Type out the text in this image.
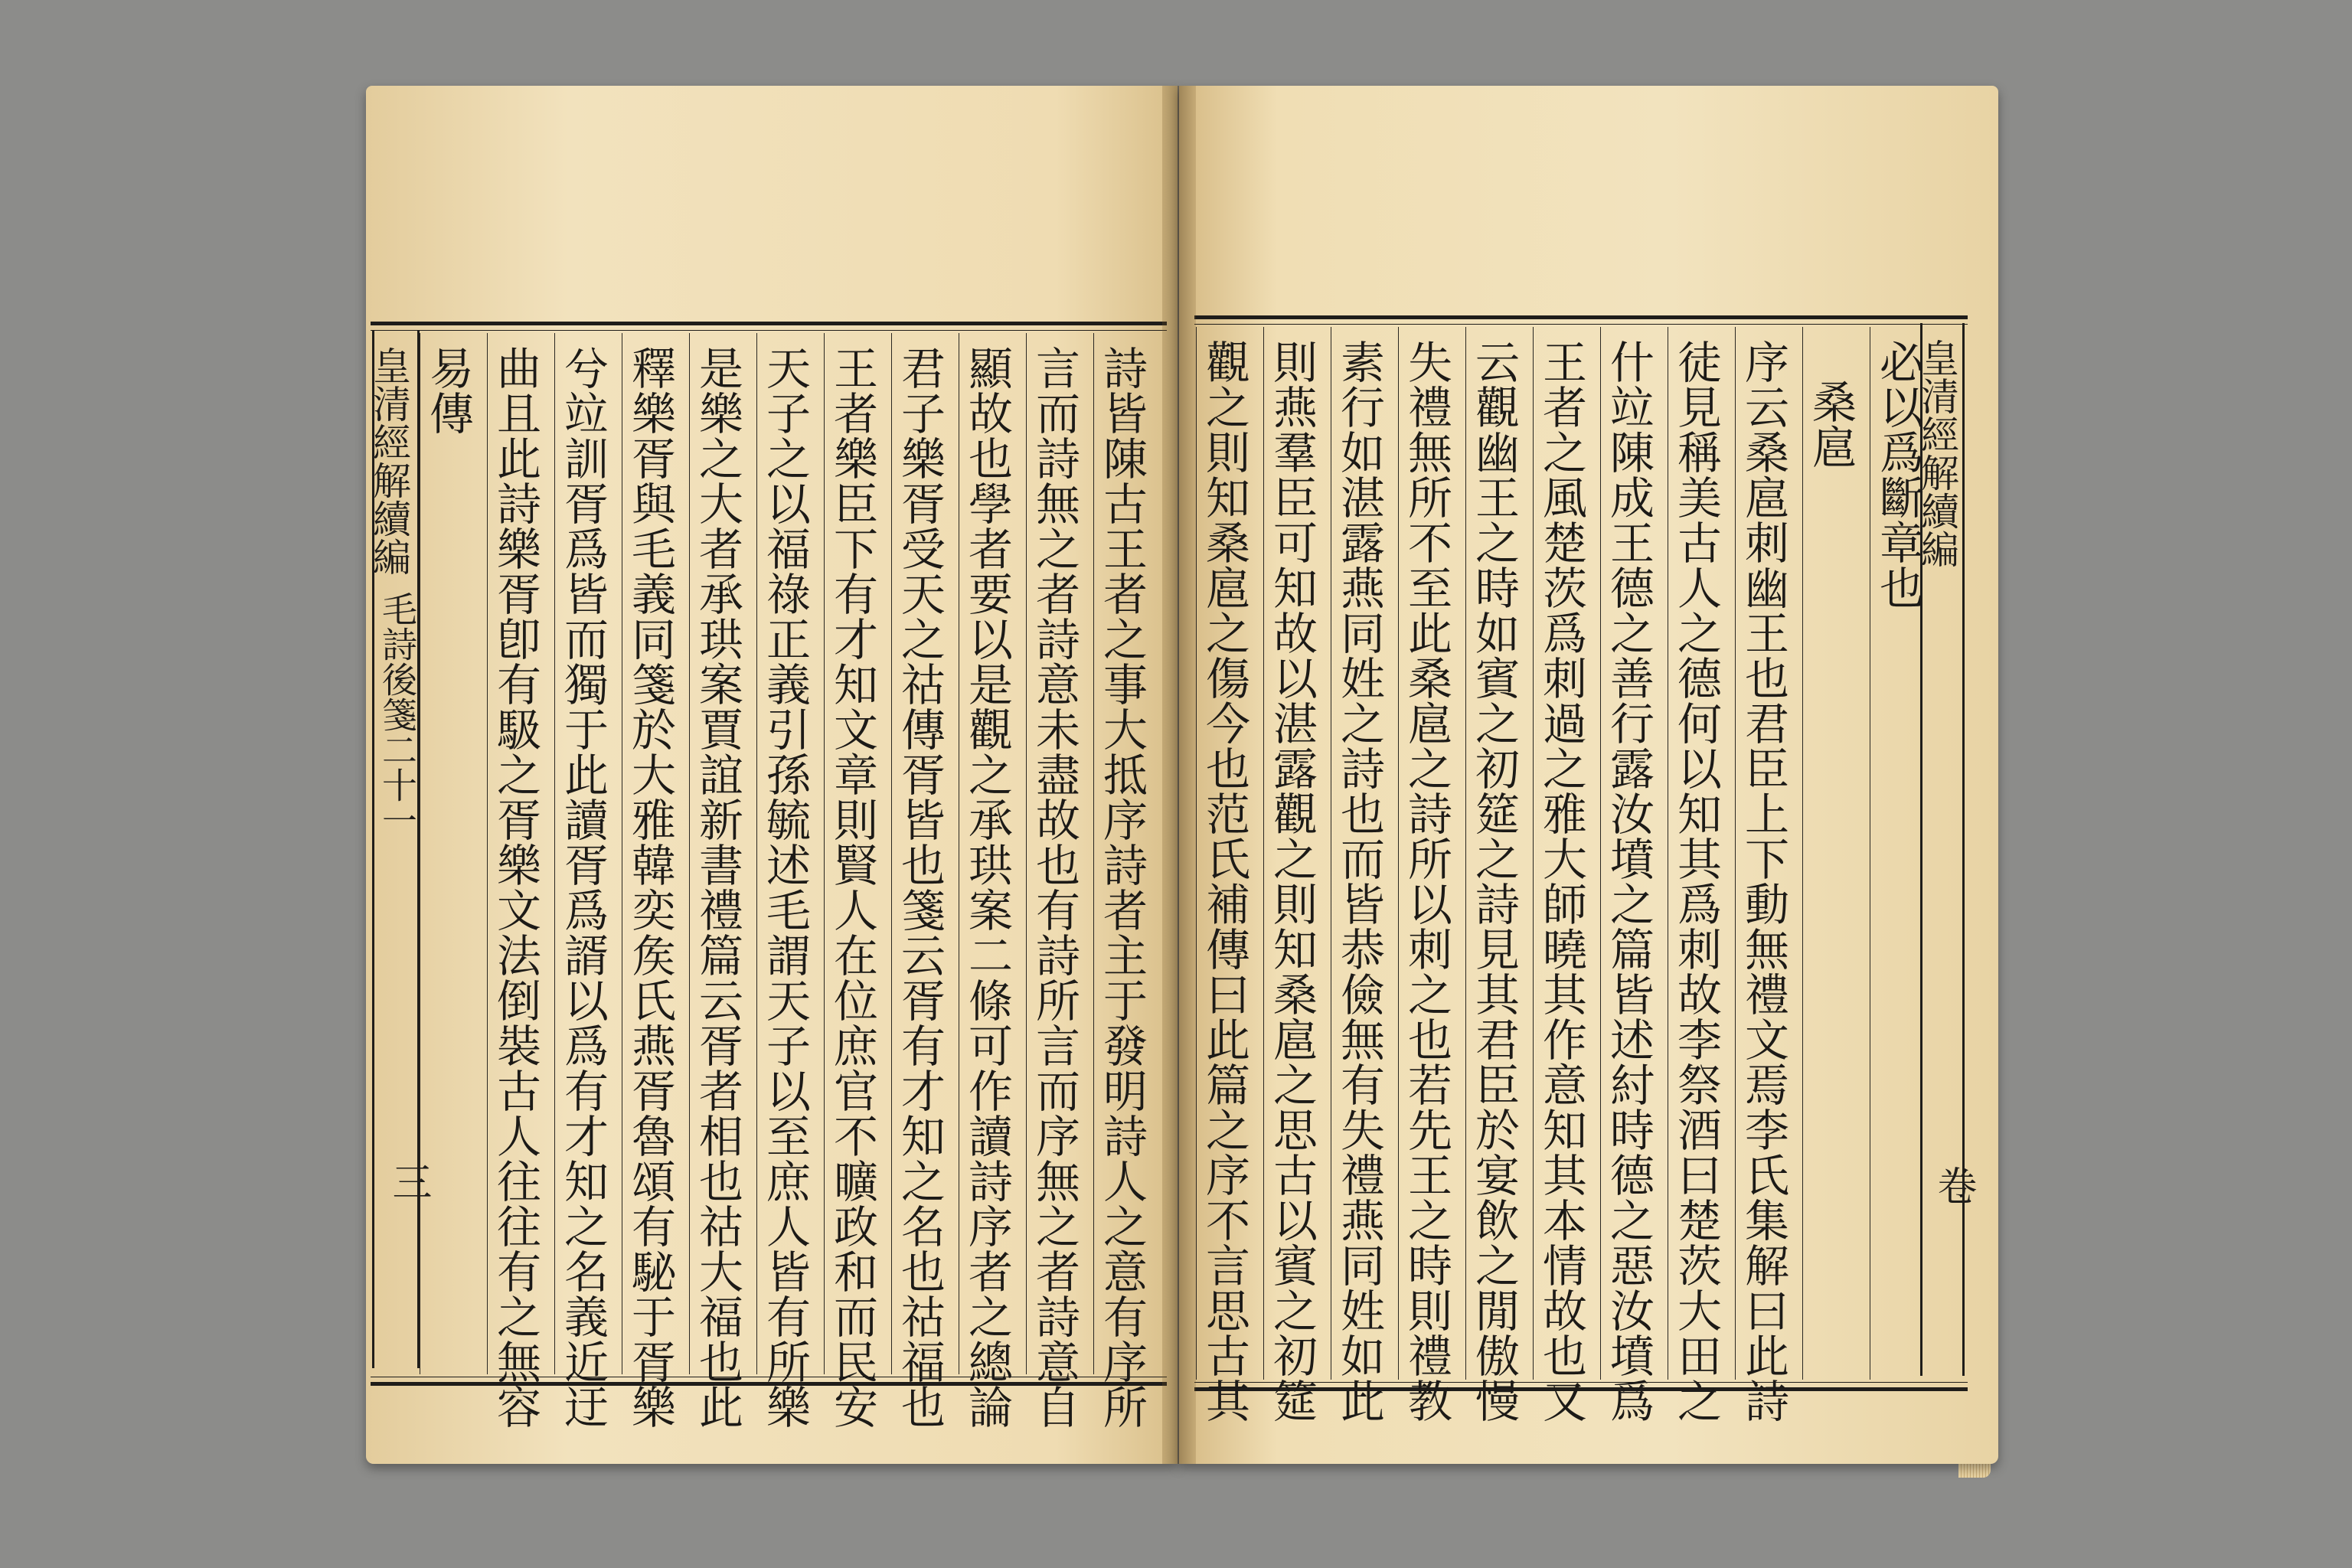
易傳 曲且此詩樂胥卽有馺之胥樂文法倒裝古人往往有之無容 兮竝訓胥爲皆而獨于此讀胥爲諝以爲有才知之名義近迂 釋樂胥與毛義同箋於大雅韓奕矦氏燕胥魯頌有駜于胥樂 是樂之大者承珙案賈誼新書禮篇云胥者相也祜大福也此 天子之以福祿正義引孫毓述毛謂天子以至庶人皆有所樂 王者樂臣下有才知文章則賢人在位庶官不曠政和而民安 君子樂胥受天之祜傳胥皆也箋云胥有才知之名也祜福也 顯故也學者要以是觀之承珙案二條可作讀詩序者之總論 言而詩無之者詩意未盡故也有詩所言而序無之者詩意自 詩皆陳古王者之事大抵序詩者主于發明詩人之意有序所 觀之則知桑扈之傷今也范氏補傳曰此篇之序不言思古其 則燕羣臣可知故以湛露觀之則知桑扈之思古以賓之初筵 素行如湛露燕同姓之詩也而皆恭儉無有失禮燕同姓如此 失禮無所不至此桑扈之詩所以刺之也若先王之時則禮教 云觀幽王之時如賓之初筵之詩見其君臣於宴飲之閒傲慢 王者之風楚茨爲刺過之雅大師曉其作意知其本情故也又 什竝陳成王德之善行露汝墳之篇皆述紂時德之惡汝墳爲 徒見稱美古人之德何以知其爲刺故李祭酒曰楚茨大田之 序云桑扈刺幽王也君臣上下動無禮文焉李氏集解曰此詩 桑扈 必以爲斷章也
皇清經解續編
毛詩後箋二十一
三
皇清經解續編
卷
